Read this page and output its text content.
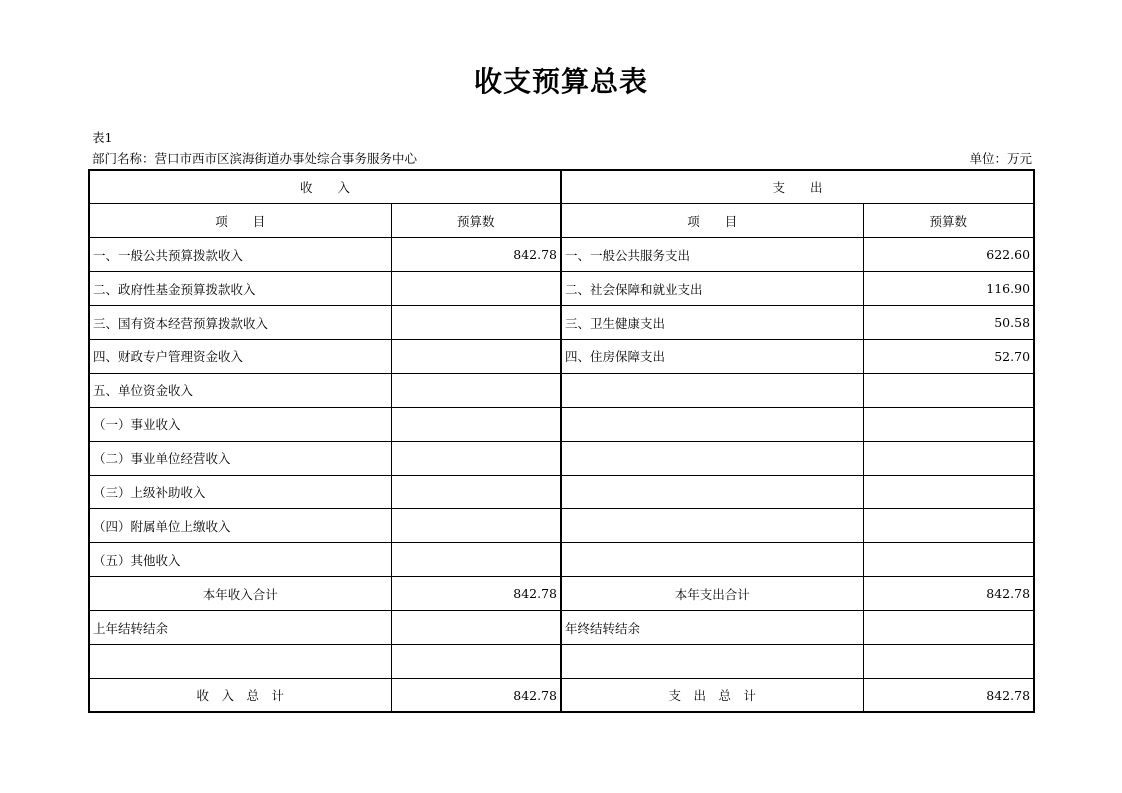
收支预算总表
表1
部门名称：营口市西市区滨海街道办事处综合事务服务中心	单位：万元
收　　入		支　　出	
项　　目	预算数	项　　目	预算数
一、一般公共预算拨款收入	842.78	一、一般公共服务支出	622.60
二、政府性基金预算拨款收入		二、社会保障和就业支出	116.90
三、国有资本经营预算拨款收入		三、卫生健康支出	50.58
四、财政专户管理资金收入		四、住房保障支出	52.70
五、单位资金收入			
（一）事业收入			
（二）事业单位经营收入			
（三）上级补助收入			
（四）附属单位上缴收入			
（五）其他收入			
本年收入合计	842.78	本年支出合计	842.78
上年结转结余		年终结转结余	

收　入　总　计	842.78	支　出　总　计	842.78
